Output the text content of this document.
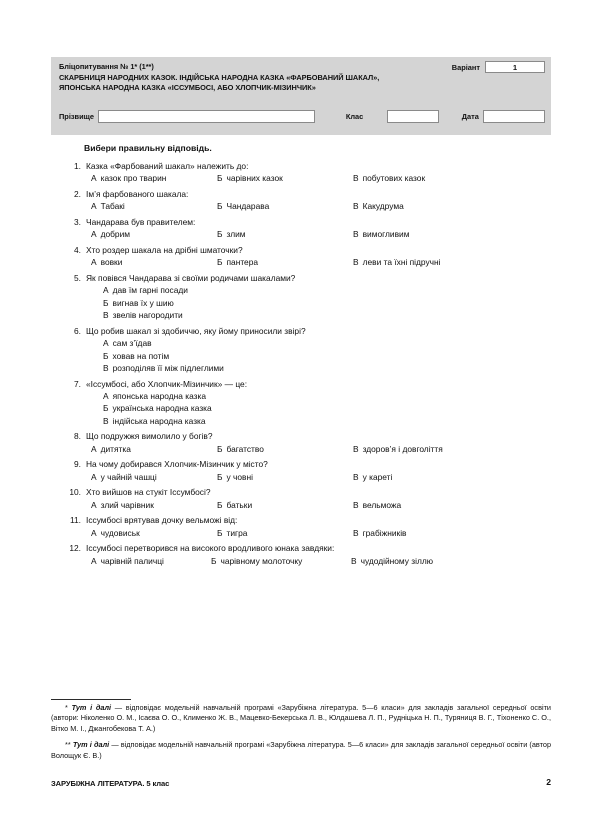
Бліцопитування № 1* (1**)
СКАРБНИЦЯ НАРОДНИХ КАЗОК. ІНДІЙСЬКА НАРОДНА КАЗКА «ФАРБОВАНИЙ ШАКАЛ»,
ЯПОНСЬКА НАРОДНА КАЗКА «ІССУМБОСІ, АБО ХЛОПЧИК-МІЗИНЧИК»
Варіант	1
Прізвище	Клас	Дата
Вибери правильну відповідь.
1. Казка «Фарбований шакал» належить до:
А казок про тварин	Б чарівних казок	В побутових казок
2. Ім’я фарбованого шакала:
А Табакі	Б Чандарава	В Какудрума
3. Чандарава був правителем:
А добрим	Б злим	В вимогливим
4. Хто роздер шакала на дрібні шматочки?
А вовки	Б пантера	В леви та їхні підручні
5. Як повівся Чандарава зі своїми родичами шакалами?
А дав їм гарні посади
Б вигнав їх у шию
В звелів нагородити
6. Що робив шакал зі здобиччю, яку йому приносили звірі?
А сам з’їдав
Б ховав на потім
В розподіляв її між підлеглими
7. «Іссумбосі, або Хлопчик-Мізинчик» — це:
А японська народна казка
Б українська народна казка
В індійська народна казка
8. Що подружжя вимолило у богів?
А дитятка	Б багатство	В здоров’я і довголіття
9. На чому добирався Хлопчик-Мізинчик у місто?
А у чайній чашці	Б у човні	В у кареті
10. Хто вийшов на стукіт Іссумбосі?
А злий чарівник	Б батьки	В вельможа
11. Іссумбосі врятував дочку вельможі від:
А чудовиськ	Б тигра	В грабіжників
12. Іссумбосі перетворився на високого вродливого юнака завдяки:
А чарівній паличці	Б чарівному молоточку	В чудодійному зіллю
* Тут і далі — відповідає модельній навчальній програмі «Зарубіжна література. 5—6 класи» для закладів загальної середньої освіти (автори: Ніколенко О. М., Ісаєва О. О., Клименко Ж. В., Мацевко-Бекерська Л. В., Юлдашева Л. П., Рудніцька Н. П., Туряниця В. Г., Тіхоненко С. О., Вітко М. І., Джангобекова Т. А.)
** Тут і далі — відповідає модельній навчальній програмі «Зарубіжна література. 5—6 класи» для закладів загальної середньої освіти (автор Волощук Є. В.)
ЗАРУБІЖНА ЛІТЕРАТУРА. 5 клас	2
